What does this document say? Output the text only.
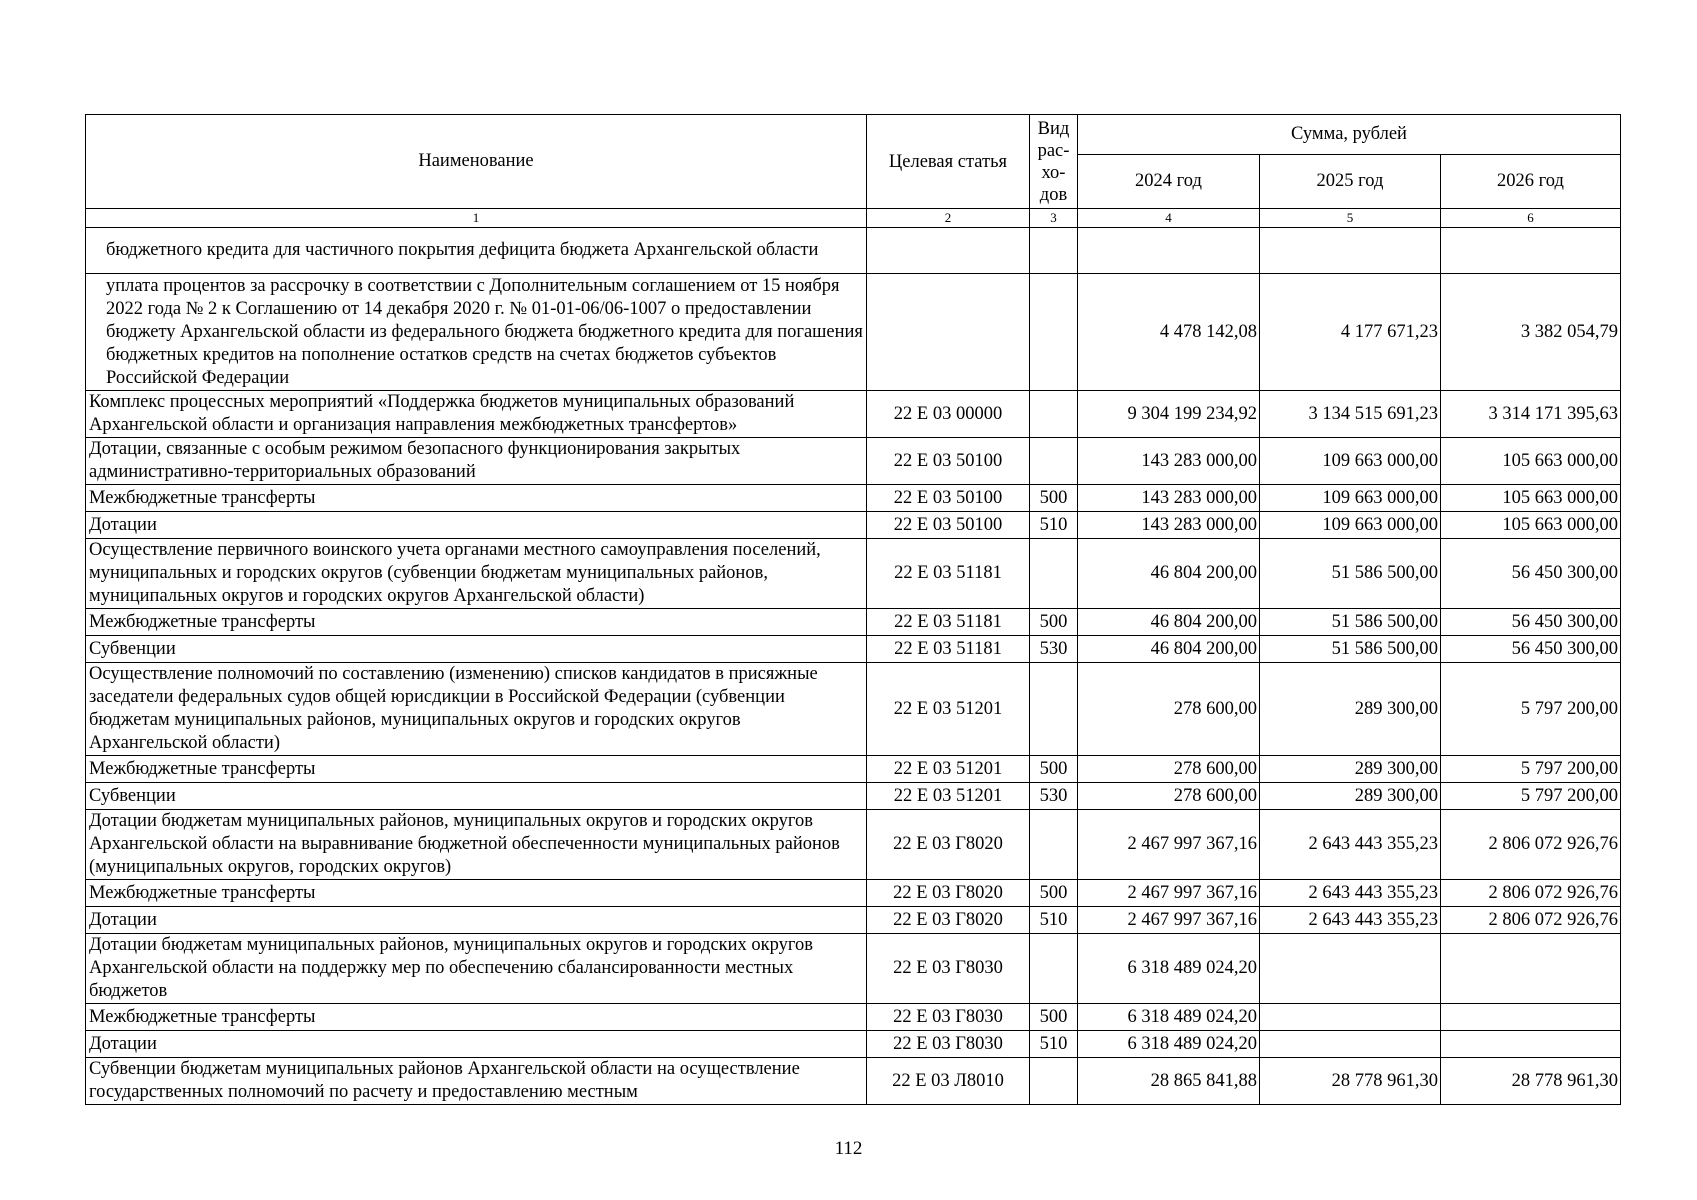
Наименование	Целевая статья	Вид рас-хо-дов	Сумма, рублей		
			2024 год	2025 год	2026 год
1	2	3	4	5	6
бюджетного кредита для частичного покрытия дефицита бюджета Архангельской области					
уплата процентов за рассрочку в соответствии с Дополнительным соглашением от 15 ноября 2022 года № 2 к Соглашению от 14 декабря 2020 г. № 01-01-06/06-1007 о предоставлении бюджету Архангельской области из федерального бюджета бюджетного кредита для погашения бюджетных кредитов на пополнение остатков средств на счетах бюджетов субъектов Российской Федерации			4 478 142,08	4 177 671,23	3 382 054,79
Комплекс процессных мероприятий «Поддержка бюджетов муниципальных образований Архангельской области и организация направления межбюджетных трансфертов»	22 Е 03 00000		9 304 199 234,92	3 134 515 691,23	3 314 171 395,63
Дотации, связанные с особым режимом безопасного функционирования закрытых административно-территориальных образований	22 Е 03 50100		143 283 000,00	109 663 000,00	105 663 000,00
Межбюджетные трансферты	22 Е 03 50100	500	143 283 000,00	109 663 000,00	105 663 000,00
Дотации	22 Е 03 50100	510	143 283 000,00	109 663 000,00	105 663 000,00
Осуществление первичного воинского учета органами местного самоуправления поселений, муниципальных и городских округов (субвенции бюджетам муниципальных районов, муниципальных округов и городских округов Архангельской области)	22 Е 03 51181		46 804 200,00	51 586 500,00	56 450 300,00
Межбюджетные трансферты	22 Е 03 51181	500	46 804 200,00	51 586 500,00	56 450 300,00
Субвенции	22 Е 03 51181	530	46 804 200,00	51 586 500,00	56 450 300,00
Осуществление полномочий по составлению (изменению) списков кандидатов в присяжные заседатели федеральных судов общей юрисдикции в Российской Федерации (субвенции бюджетам муниципальных районов, муниципальных округов и городских округов Архангельской области)	22 Е 03 51201		278 600,00	289 300,00	5 797 200,00
Межбюджетные трансферты	22 Е 03 51201	500	278 600,00	289 300,00	5 797 200,00
Субвенции	22 Е 03 51201	530	278 600,00	289 300,00	5 797 200,00
Дотации бюджетам муниципальных районов, муниципальных округов и городских округов Архангельской области на выравнивание бюджетной обеспеченности муниципальных районов (муниципальных округов, городских округов)	22 Е 03 Г8020		2 467 997 367,16	2 643 443 355,23	2 806 072 926,76
Межбюджетные трансферты	22 Е 03 Г8020	500	2 467 997 367,16	2 643 443 355,23	2 806 072 926,76
Дотации	22 Е 03 Г8020	510	2 467 997 367,16	2 643 443 355,23	2 806 072 926,76
Дотации бюджетам муниципальных районов, муниципальных округов и городских округов Архангельской области на поддержку мер по обеспечению сбалансированности местных бюджетов	22 Е 03 Г8030		6 318 489 024,20		
Межбюджетные трансферты	22 Е 03 Г8030	500	6 318 489 024,20		
Дотации	22 Е 03 Г8030	510	6 318 489 024,20		
Субвенции бюджетам муниципальных районов Архангельской области на осуществление государственных полномочий по расчету и предоставлению местным	22 Е 03 Л8010		28 865 841,88	28 778 961,30	28 778 961,30
112
